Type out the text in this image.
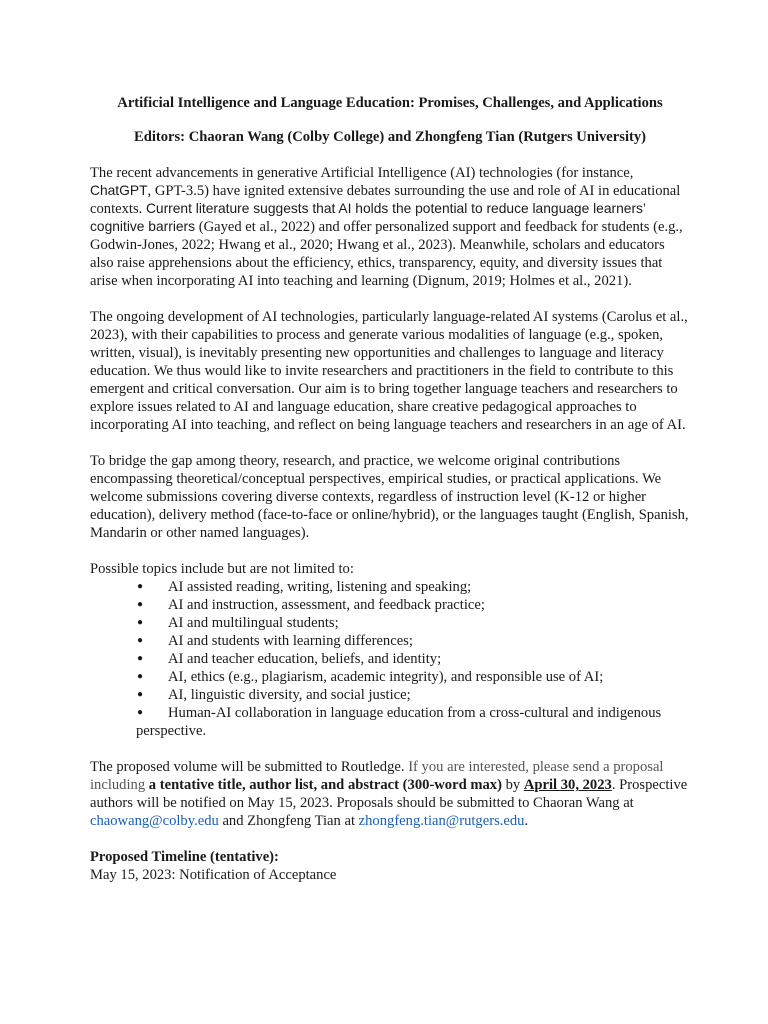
Artificial Intelligence and Language Education: Promises, Challenges, and Applications
Editors: Chaoran Wang (Colby College) and Zhongfeng Tian (Rutgers University)

The recent advancements in generative Artificial Intelligence (AI) technologies (for instance, ChatGPT, GPT-3.5) have ignited extensive debates surrounding the use and role of AI in educational contexts. Current literature suggests that AI holds the potential to reduce language learners’ cognitive barriers (Gayed et al., 2022) and offer personalized support and feedback for students (e.g., Godwin-Jones, 2022; Hwang et al., 2020; Hwang et al., 2023). Meanwhile, scholars and educators also raise apprehensions about the efficiency, ethics, transparency, equity, and diversity issues that arise when incorporating AI into teaching and learning (Dignum, 2019; Holmes et al., 2021).

The ongoing development of AI technologies, particularly language-related AI systems (Carolus et al., 2023), with their capabilities to process and generate various modalities of language (e.g., spoken, written, visual), is inevitably presenting new opportunities and challenges to language and literacy education. We thus would like to invite researchers and practitioners in the field to contribute to this emergent and critical conversation. Our aim is to bring together language teachers and researchers to explore issues related to AI and language education, share creative pedagogical approaches to incorporating AI into teaching, and reflect on being language teachers and researchers in an age of AI.

To bridge the gap among theory, research, and practice, we welcome original contributions encompassing theoretical/conceptual perspectives, empirical studies, or practical applications. We welcome submissions covering diverse contexts, regardless of instruction level (K-12 or higher education), delivery method (face-to-face or online/hybrid), or the languages taught (English, Spanish, Mandarin or other named languages).

Possible topics include but are not limited to:

● AI assisted reading, writing, listening and speaking;
● AI and instruction, assessment, and feedback practice;
● AI and multilingual students;
● AI and students with learning differences;
● AI and teacher education, beliefs, and identity;
● AI, ethics (e.g., plagiarism, academic integrity), and responsible use of AI;
● AI, linguistic diversity, and social justice;
● Human-AI collaboration in language education from a cross-cultural and indigenous
perspective.

The proposed volume will be submitted to Routledge. If you are interested, please send a proposal including a tentative title, author list, and abstract (300-word max) by April 30, 2023. Prospective authors will be notified on May 15, 2023. Proposals should be submitted to Chaoran Wang at chaowang@colby.edu and Zhongfeng Tian at zhongfeng.tian@rutgers.edu.

Proposed Timeline (tentative):

May 15, 2023: Notification of Acceptance
